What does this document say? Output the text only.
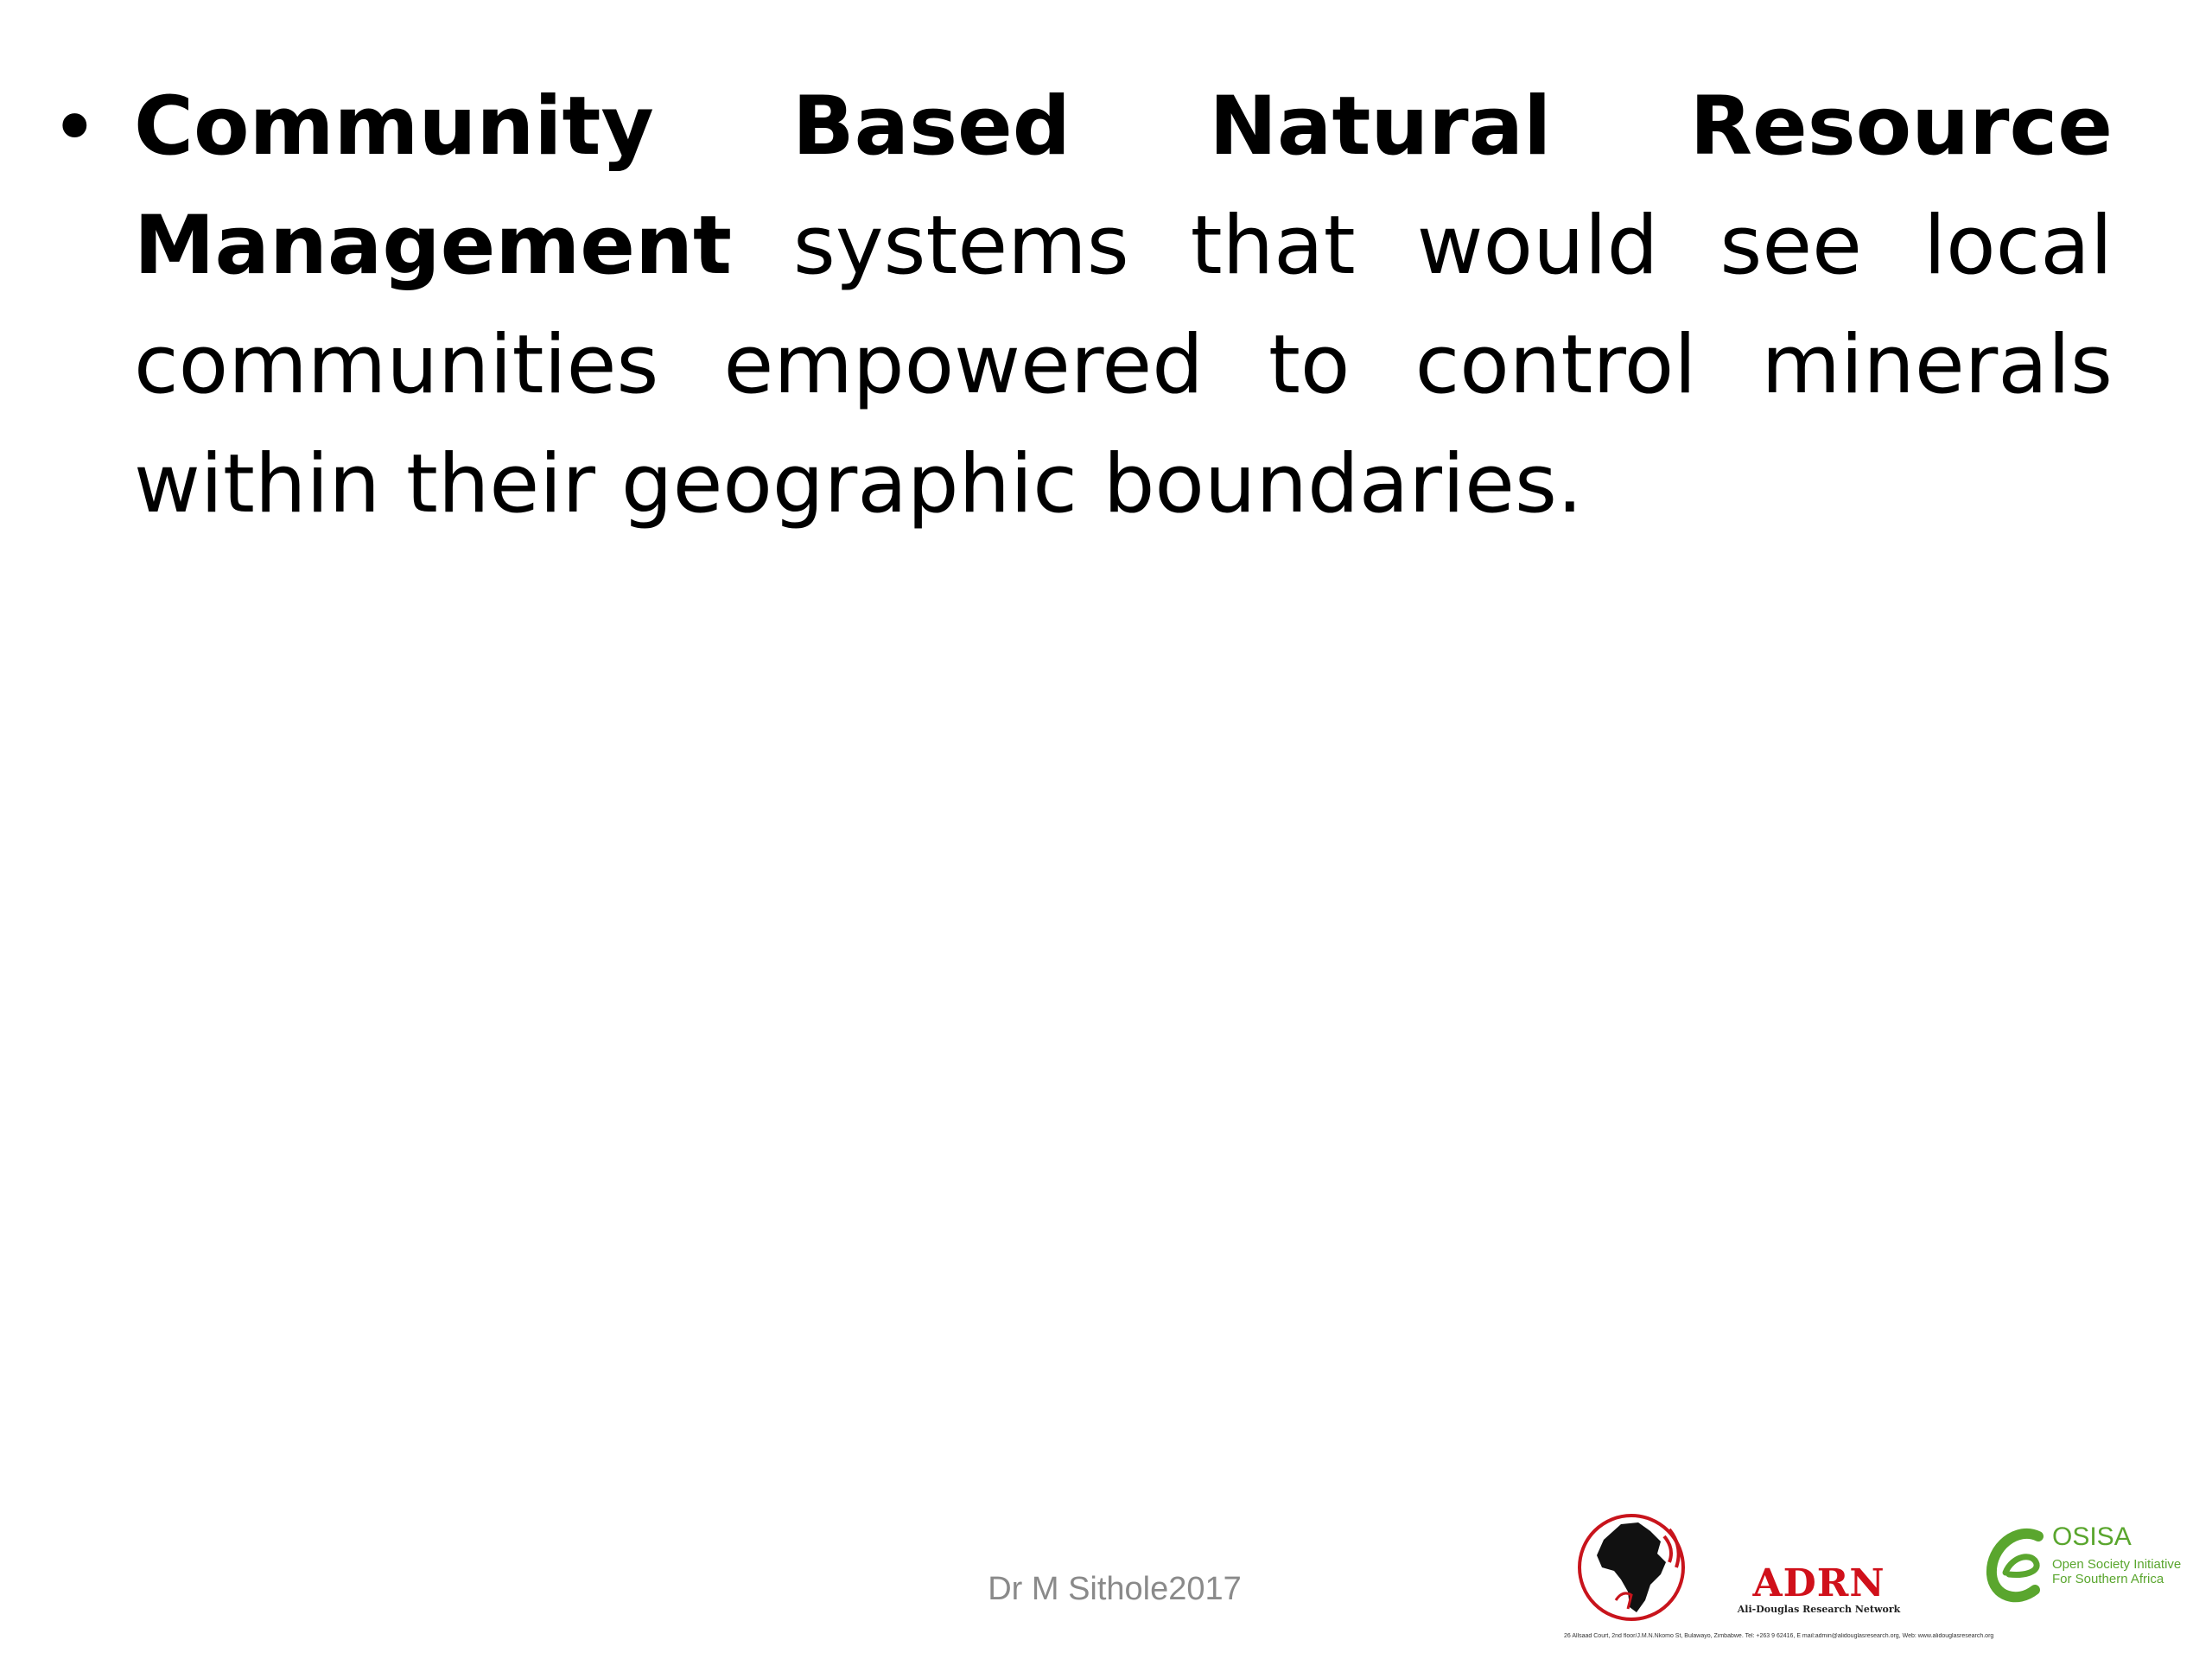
• Community Based Natural Resource Management systems that would see local communities empowered to control minerals within their geographic boundaries.

Dr M Sithole2017	ADRN
Ali-Douglas Research Network
OSISA
Open Society Initiative For Southern Africa
26 Allsaad Court, 2nd floor/J.M.N.Nkomo St, Bulawayo, Zimbabwe. Tel: +263 9 62416, E mail:admin@alidouglasresearch.org, Web: www.alidouglasresearch.org
